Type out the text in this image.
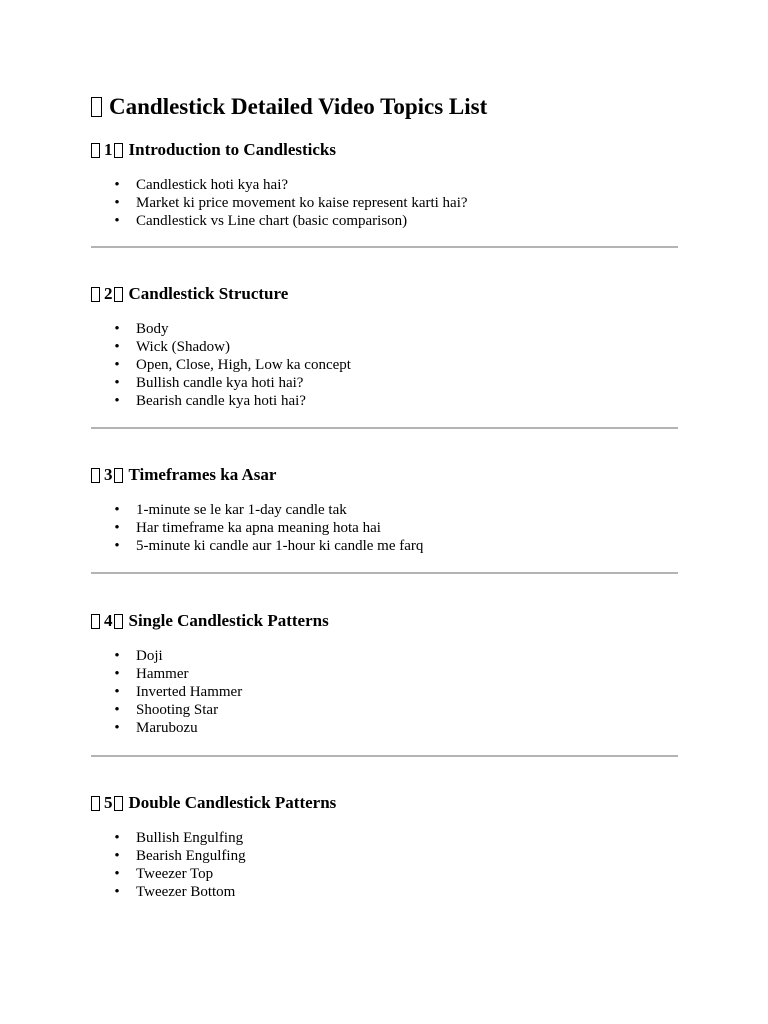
Candlestick Detailed Video Topics List
1 Introduction to Candlesticks
• Candlestick hoti kya hai?
• Market ki price movement ko kaise represent karti hai?
• Candlestick vs Line chart (basic comparison)
2 Candlestick Structure
• Body
• Wick (Shadow)
• Open, Close, High, Low ka concept
• Bullish candle kya hoti hai?
• Bearish candle kya hoti hai?
3 Timeframes ka Asar
• 1-minute se le kar 1-day candle tak
• Har timeframe ka apna meaning hota hai
• 5-minute ki candle aur 1-hour ki candle me farq
4 Single Candlestick Patterns
• Doji
• Hammer
• Inverted Hammer
• Shooting Star
• Marubozu
5 Double Candlestick Patterns
• Bullish Engulfing
• Bearish Engulfing
• Tweezer Top
• Tweezer Bottom
